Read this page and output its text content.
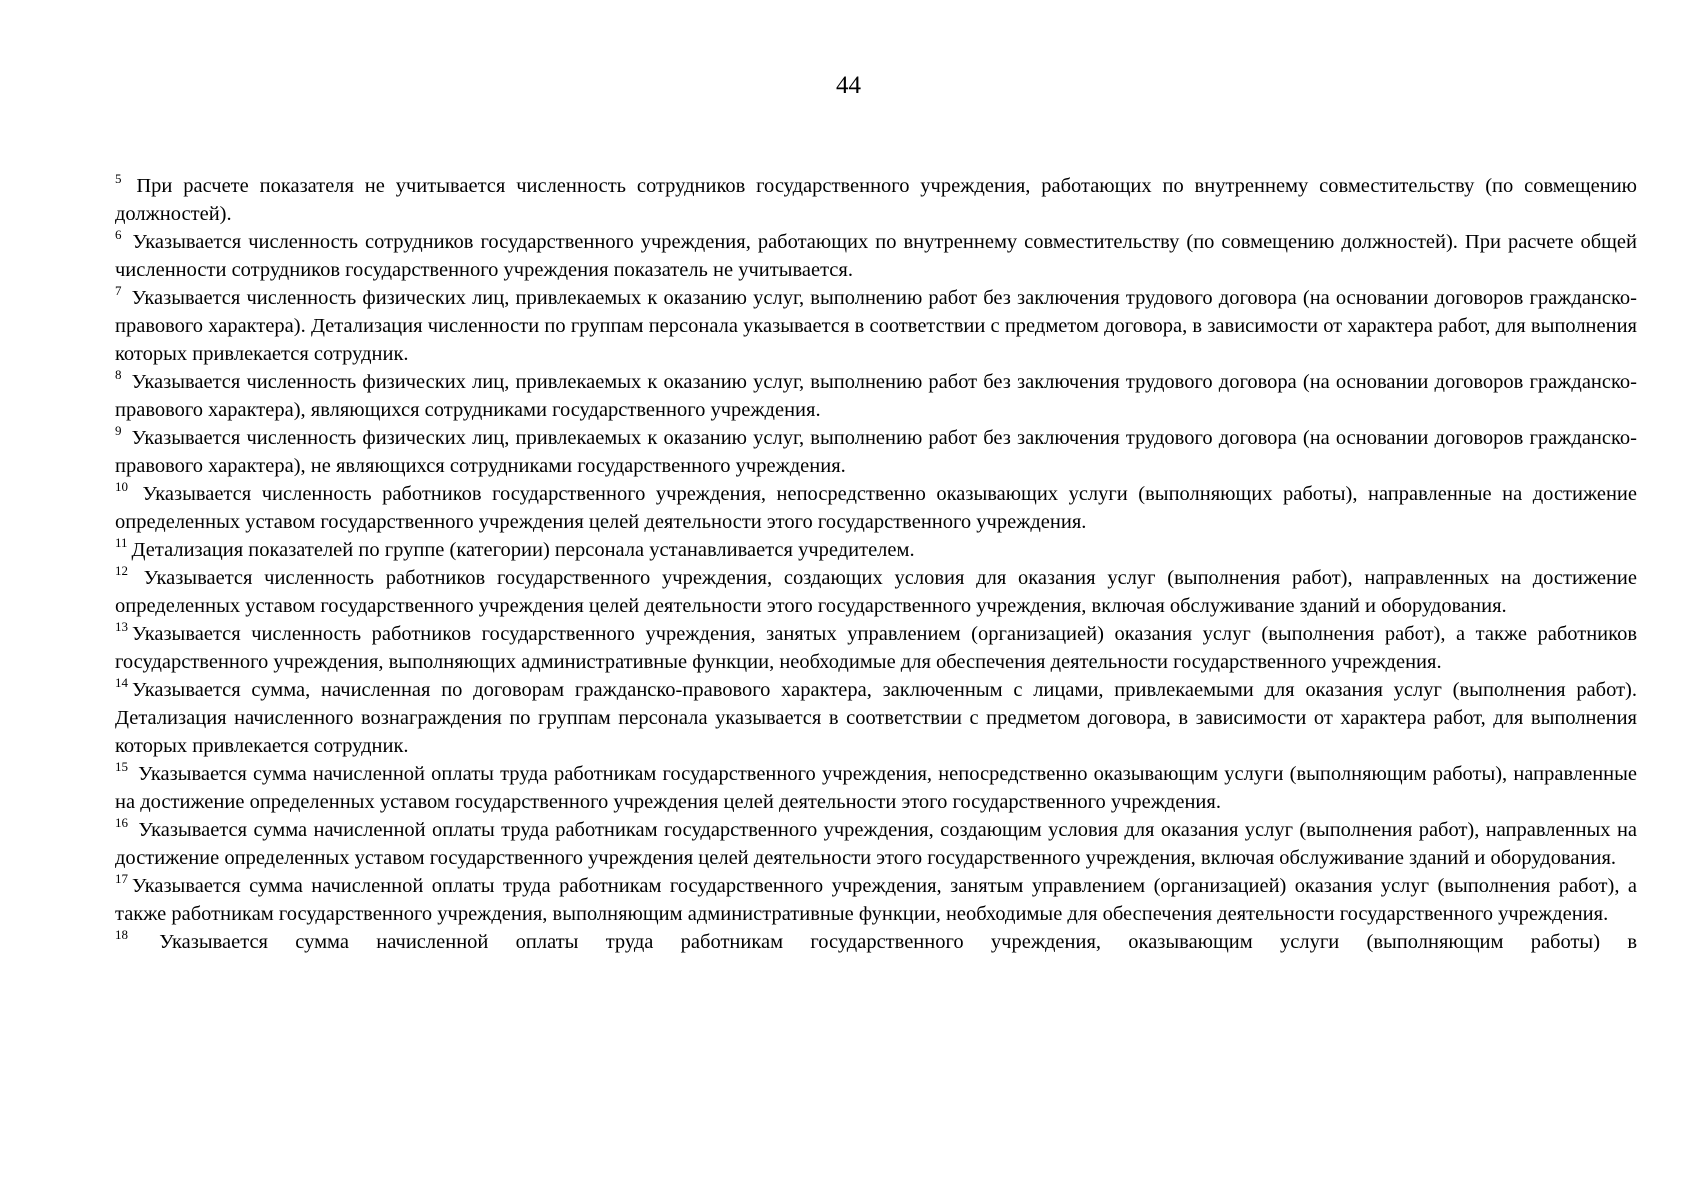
44

$^5$ При расчете показателя не учитывается численность сотрудников государственного учреждения, работающих по внутреннему совместительству (по совмещению должностей).

$^6$ Указывается численность сотрудников государственного учреждения, работающих по внутреннему совместительству (по совмещению должностей). При расчете общей численности сотрудников государственного учреждения показатель не учитывается.

$^7$ Указывается численность физических лиц, привлекаемых к оказанию услуг, выполнению работ без заключения трудового договора (на основании договоров гражданско-правового характера). Детализация численности по группам персонала указывается в соответствии с предметом договора, в зависимости от характера работ, для выполнения которых привлекается сотрудник.

$^8$ Указывается численность физических лиц, привлекаемых к оказанию услуг, выполнению работ без заключения трудового договора (на основании договоров гражданско-правового характера), являющихся сотрудниками государственного учреждения.

$^9$ Указывается численность физических лиц, привлекаемых к оказанию услуг, выполнению работ без заключения трудового договора (на основании договоров гражданско-правового характера), не являющихся сотрудниками государственного учреждения.

$^{10}$ Указывается численность работников государственного учреждения, непосредственно оказывающих услуги (выполняющих работы), направленные на достижение определенных уставом государственного учреждения целей деятельности этого государственного учреждения.

$^{11}$ Детализация показателей по группе (категории) персонала устанавливается учредителем.

$^{12}$ Указывается численность работников государственного учреждения, создающих условия для оказания услуг (выполнения работ), направленных на достижение определенных уставом государственного учреждения целей деятельности этого государственного учреждения, включая обслуживание зданий и оборудования.

$^{13}$ Указывается численность работников государственного учреждения, занятых управлением (организацией) оказания услуг (выполнения работ), а также работников государственного учреждения, выполняющих административные функции, необходимые для обеспечения деятельности государственного учреждения.

$^{14}$ Указывается сумма, начисленная по договорам гражданско-правового характера, заключенным с лицами, привлекаемыми для оказания услуг (выполнения работ). Детализация начисленного вознаграждения по группам персонала указывается в соответствии с предметом договора, в зависимости от характера работ, для выполнения которых привлекается сотрудник.

$^{15}$ Указывается сумма начисленной оплаты труда работникам государственного учреждения, непосредственно оказывающим услуги (выполняющим работы), направленные на достижение определенных уставом государственного учреждения целей деятельности этого государственного учреждения.

$^{16}$ Указывается сумма начисленной оплаты труда работникам государственного учреждения, создающим условия для оказания услуг (выполнения работ), направленных на достижение определенных уставом государственного учреждения целей деятельности этого государственного учреждения, включая обслуживание зданий и оборудования.

$^{17}$ Указывается сумма начисленной оплаты труда работникам государственного учреждения, занятым управлением (организацией) оказания услуг (выполнения работ), а также работникам государственного учреждения, выполняющим административные функции, необходимые для обеспечения деятельности государственного учреждения.

$^{18}$ Указывается сумма начисленной оплаты труда работникам государственного учреждения, оказывающим услуги (выполняющим работы) в
